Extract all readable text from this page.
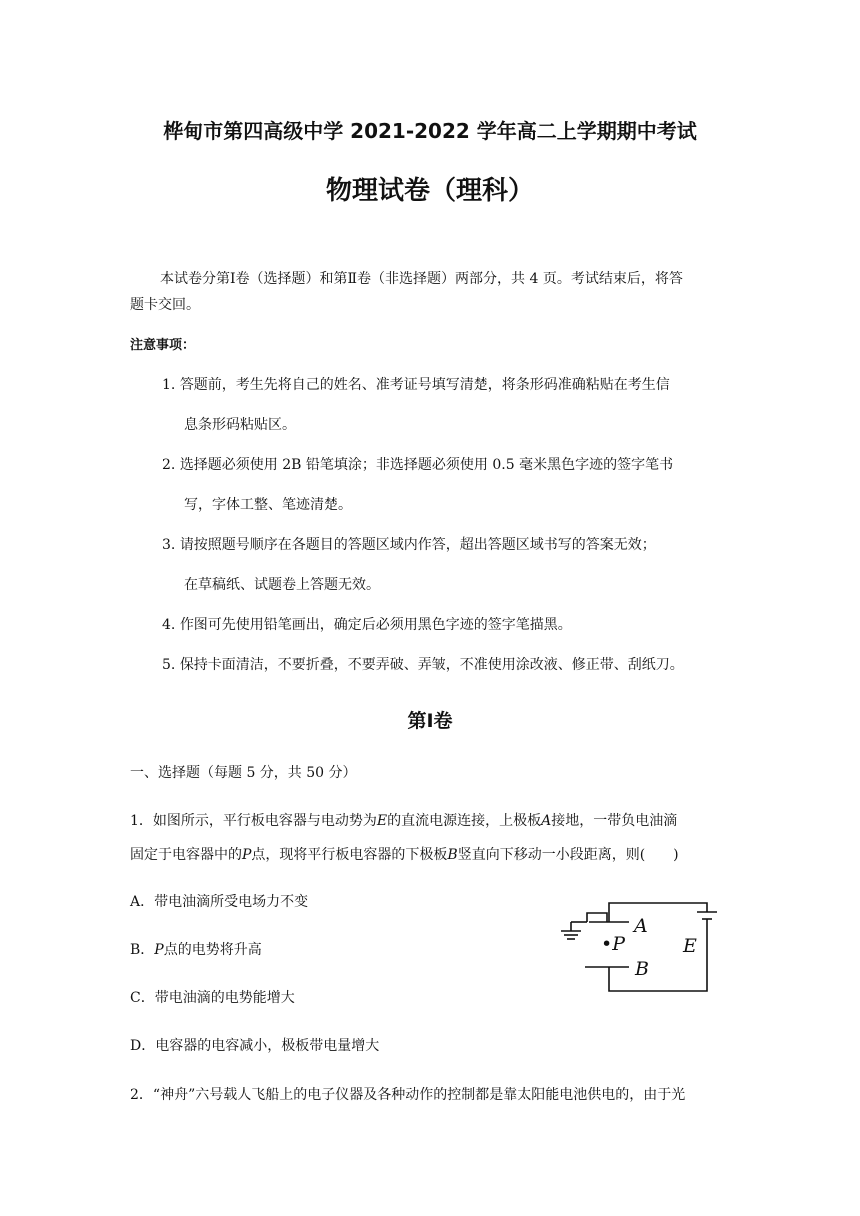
桦甸市第四高级中学 2021-2022 学年高二上学期期中考试
物理试卷（理科）
本试卷分第Ⅰ卷（选择题）和第Ⅱ卷（非选择题）两部分，共 4 页。考试结束后，将答
题卡交回。
注意事项：
1. 答题前，考生先将自己的姓名、准考证号填写清楚，将条形码准确粘贴在考生信
息条形码粘贴区。
2. 选择题必须使用 2B 铅笔填涂；非选择题必须使用 0.5 毫米黑色字迹的签字笔书
写，字体工整、笔迹清楚。
3. 请按照题号顺序在各题目的答题区域内作答，超出答题区域书写的答案无效；
在草稿纸、试题卷上答题无效。
4. 作图可先使用铅笔画出，确定后必须用黑色字迹的签字笔描黑。
5. 保持卡面清洁，不要折叠，不要弄破、弄皱，不准使用涂改液、修正带、刮纸刀。
第Ⅰ卷
一、选择题（每题 5 分，共 50 分）
1．如图所示，平行板电容器与电动势为E的直流电源连接，上极板A接地，一带负电油滴
固定于电容器中的P点，现将平行板电容器的下极板B竖直向下移动一小段距离，则(　　)
A．带电油滴所受电场力不变
B．P点的电势将升高
C．带电油滴的电势能增大
D．电容器的电容减小，极板带电量增大
A
B
•P	E
2．“神舟”六号载人飞船上的电子仪器及各种动作的控制都是靠太阳能电池供电的，由于光
